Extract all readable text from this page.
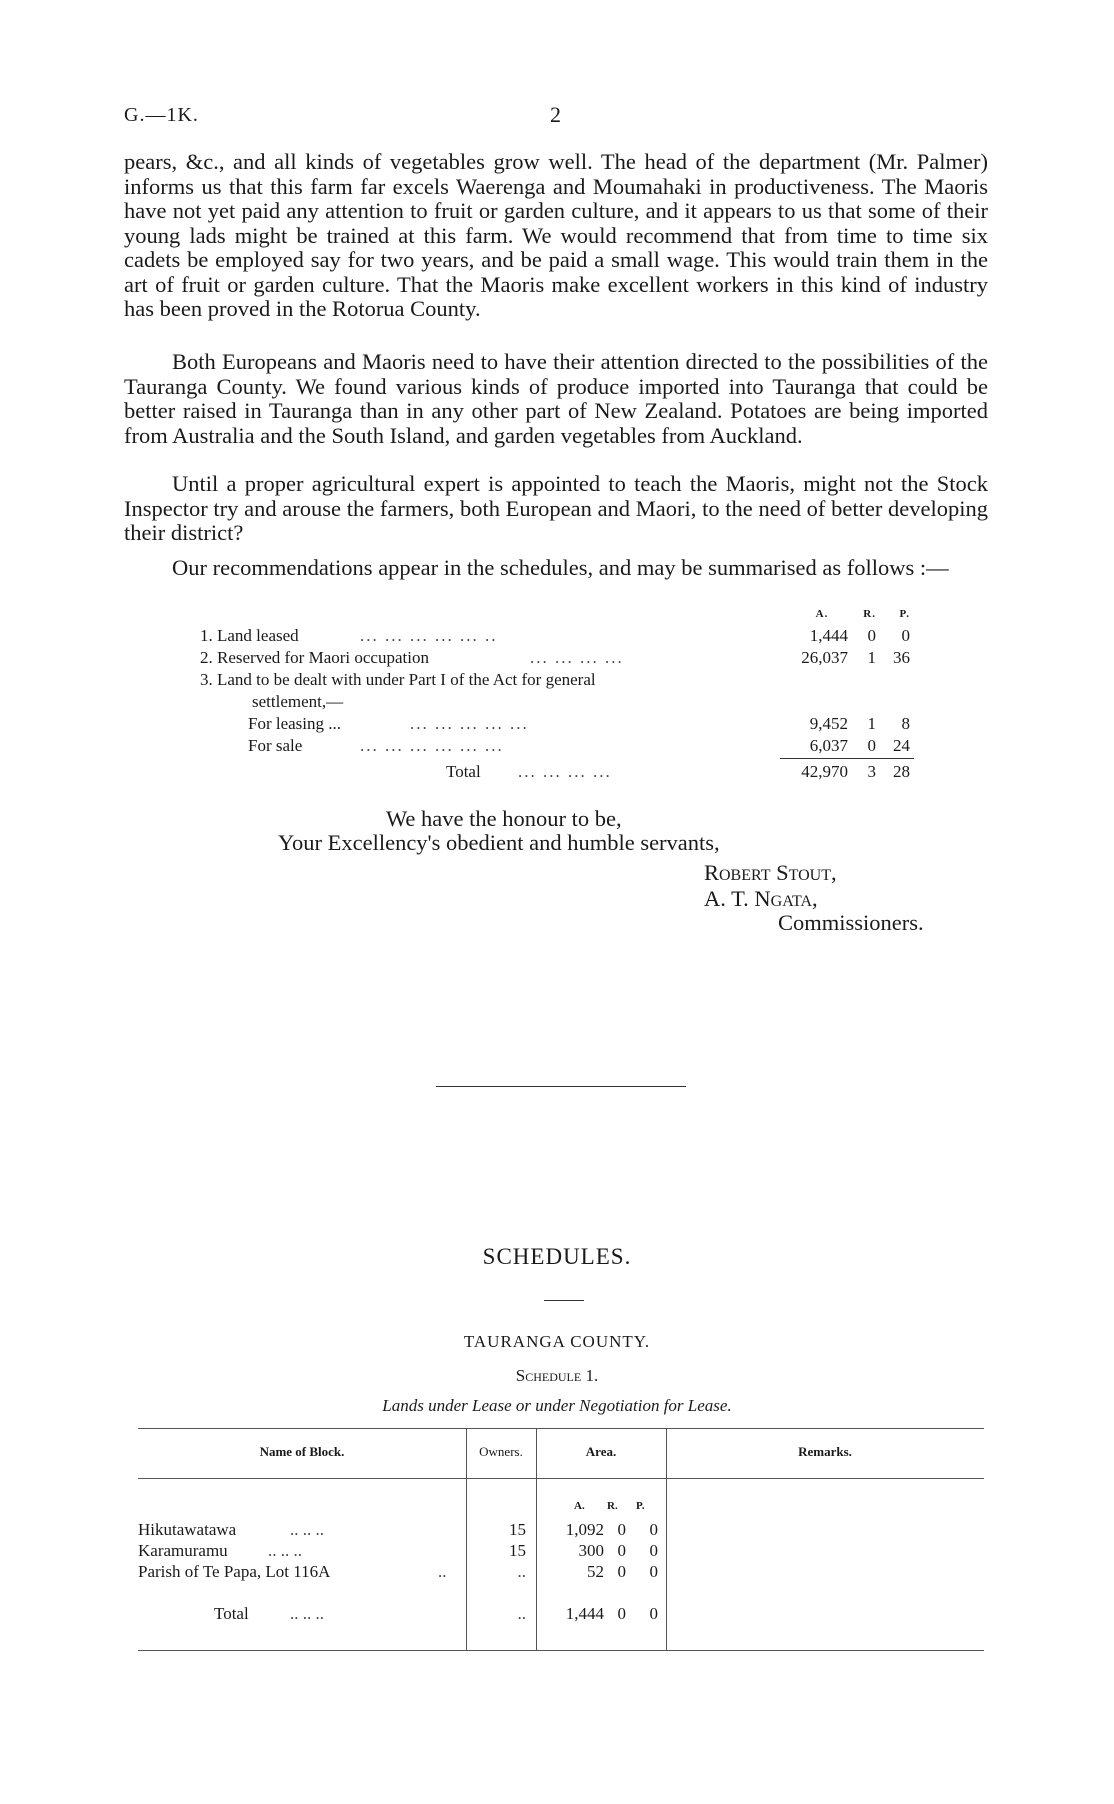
G.—1K.	2

pears, &c., and all kinds of vegetables grow well. The head of the department (Mr. Palmer) informs us that this farm far excels Waerenga and Moumahaki in productiveness. The Maoris have not yet paid any attention to fruit or garden culture, and it appears to us that some of their young lads might be trained at this farm. We would recommend that from time to time six cadets be employed say for two years, and be paid a small wage. This would train them in the art of fruit or garden culture. That the Maoris make excellent workers in this kind of industry has been proved in the Rotorua County.

Both Europeans and Maoris need to have their attention directed to the possibilities of the Tauranga County. We found various kinds of produce imported into Tauranga that could be better raised in Tauranga than in any other part of New Zealand. Potatoes are being imported from Australia and the South Island, and garden vegetables from Auckland.

Until a proper agricultural expert is appointed to teach the Maoris, might not the Stock Inspector try and arouse the farmers, both European and Maori, to the need of better developing their district?

Our recommendations appear in the schedules, and may be summarised as follows :—

A.	R.	P.
1. Land leased	... ... ... ... ... ..	1,444	0	0
2. Reserved for Maori occupation	... ... ... ...	26,037	1	36
3. Land to be dealt with under Part I of the Act for general
settlement,—
For leasing ...	... ... ... ... ...	9,452	1	8
For sale	... ... ... ... ... ...	6,037	0	24
Total ... ... ... ...	42,970	3	28
We have the honour to be,
Your Excellency's obedient and humble servants,
Robert Stout,
A. T. Ngata,
Commissioners.
SCHEDULES.
TAURANGA COUNTY.
Schedule 1.
Lands under Lease or under Negotiation for Lease.
Name of Block.	Owners.	Area.	Remarks.
A. R. P.
Hikutawatawa	.. .. ..	15	1,092 0	0
Karamuramu .. .. ..	15	300 0	0
Parish of Te Papa, Lot 116A	..	..	52 0	0
Total .. .. ..	..	1,444 0	0
